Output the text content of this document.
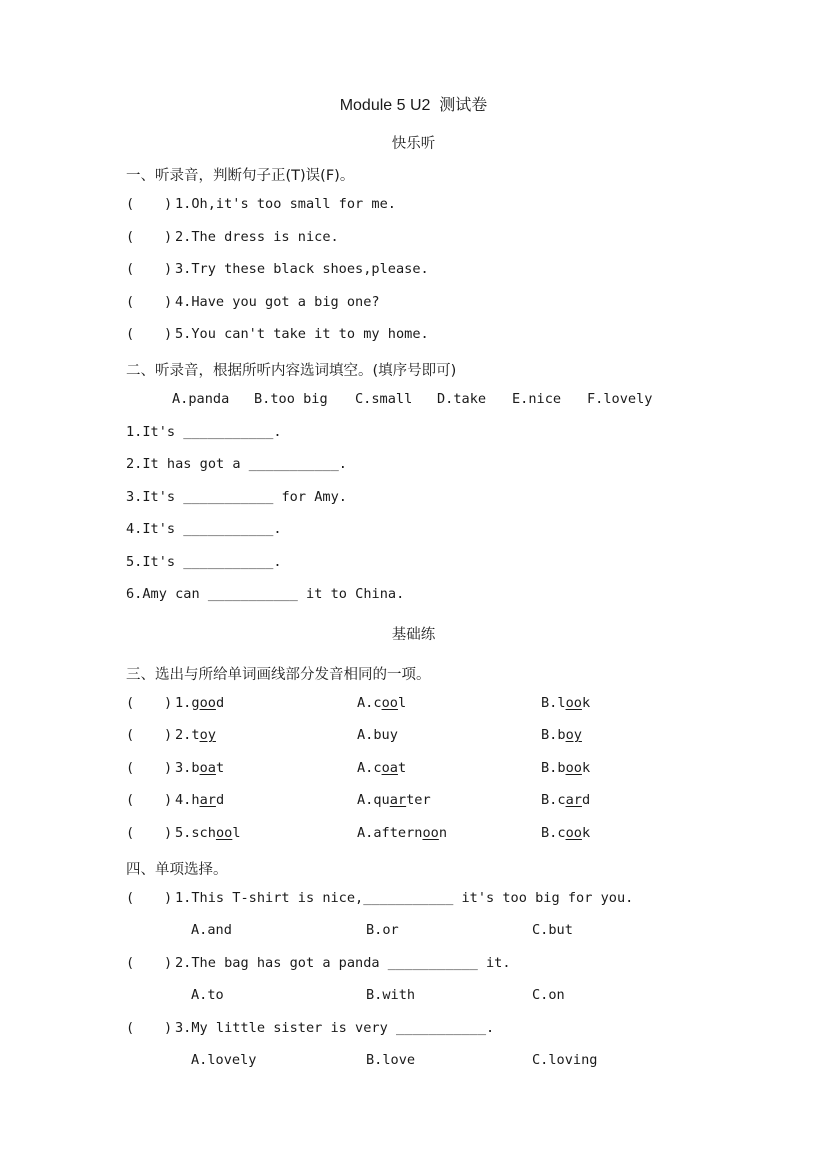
Module 5 U2  测试卷
快乐听
一、听录音，判断句子正(T)误(F)。
( ) 1.Oh,it's too small for me.
( ) 2.The dress is nice.
( ) 3.Try these black shoes,please.
( ) 4.Have you got a big one?
( ) 5.You can't take it to my home.
二、听录音，根据所听内容选词填空。(填序号即可)
A.panda B.too big C.small D.take E.nice F.lovely
1.It's ___________.
2.It has got a ___________.
3.It's ___________ for Amy.
4.It's ___________.
5.It's ___________.
6.Amy can ___________ it to China.
基础练
三、选出与所给单词画线部分发音相同的一项。
( ) 1.good	A.cool	B.look
( ) 2.toy	A.buy	B.boy
( ) 3.boat	A.coat	B.book
( ) 4.hard	A.quarter	B.card
( ) 5.school	A.afternoon	B.cook
四、单项选择。
( ) 1.This T-shirt is nice,___________ it's too big for you.
A.and	B.or	C.but
( ) 2.The bag has got a panda ___________ it.
A.to	B.with	C.on
( ) 3.My little sister is very ___________.
A.lovely	B.love	C.loving
